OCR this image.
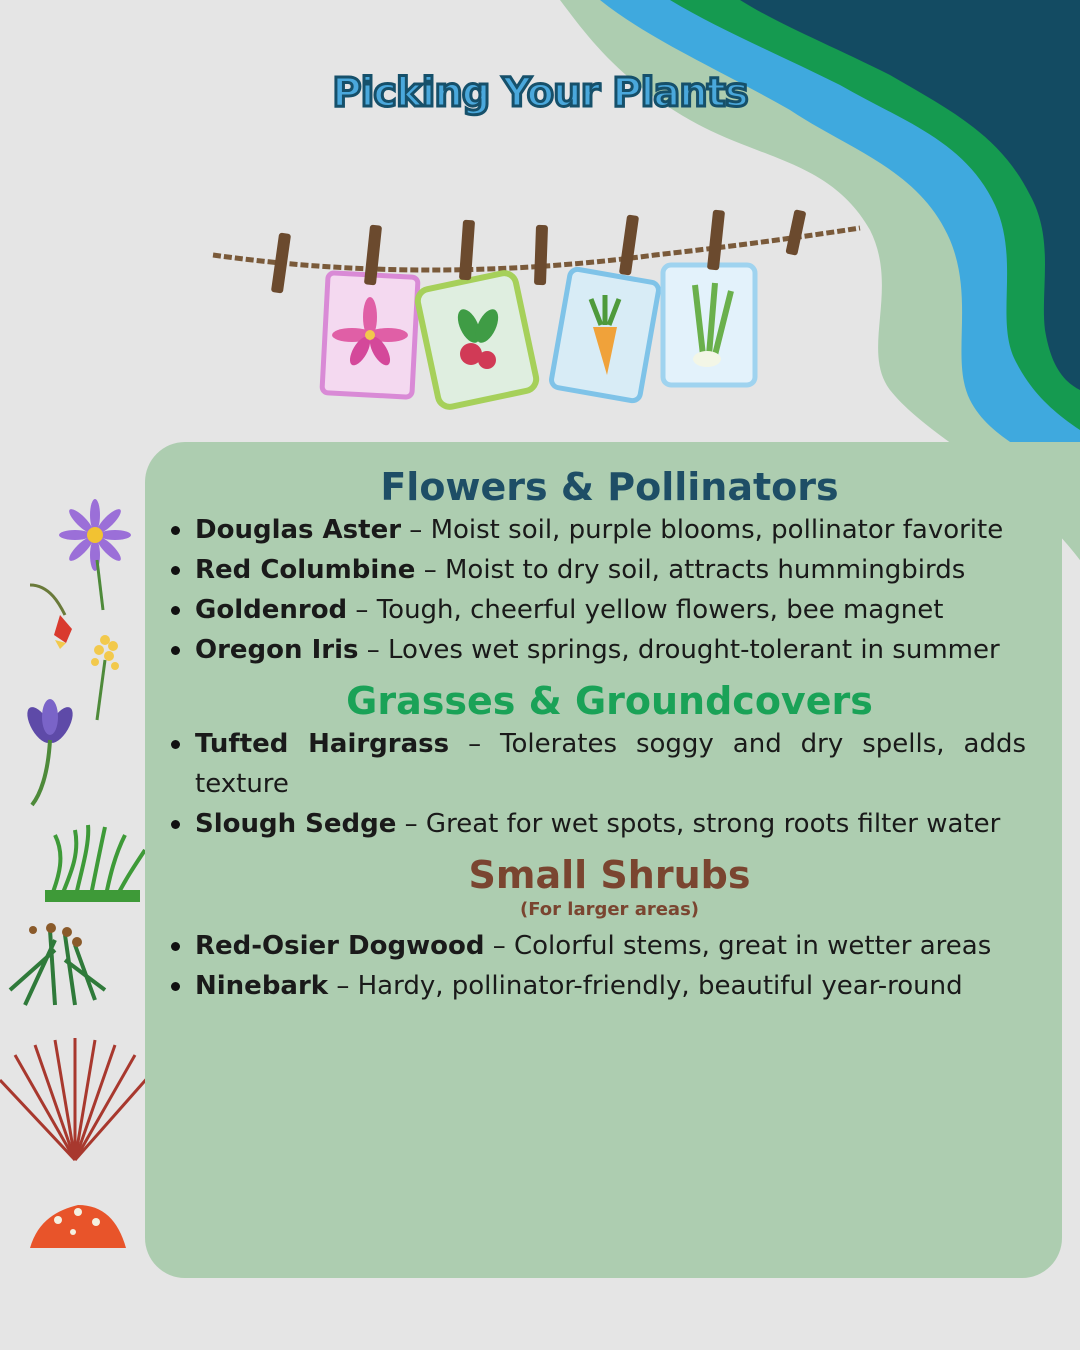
Picking Your Plants
Flowers & Pollinators
Douglas Aster – Moist soil, purple blooms, pollinator favorite
Red Columbine – Moist to dry soil, attracts hummingbirds
Goldenrod – Tough, cheerful yellow flowers, bee magnet
Oregon Iris – Loves wet springs, drought-tolerant in summer
Grasses & Groundcovers
Tufted Hairgrass – Tolerates soggy and dry spells, adds texture
Slough Sedge – Great for wet spots, strong roots filter water
Small Shrubs

(For larger areas)

Red-Osier Dogwood – Colorful stems, great in wetter areas
Ninebark – Hardy, pollinator-friendly, beautiful year-round
